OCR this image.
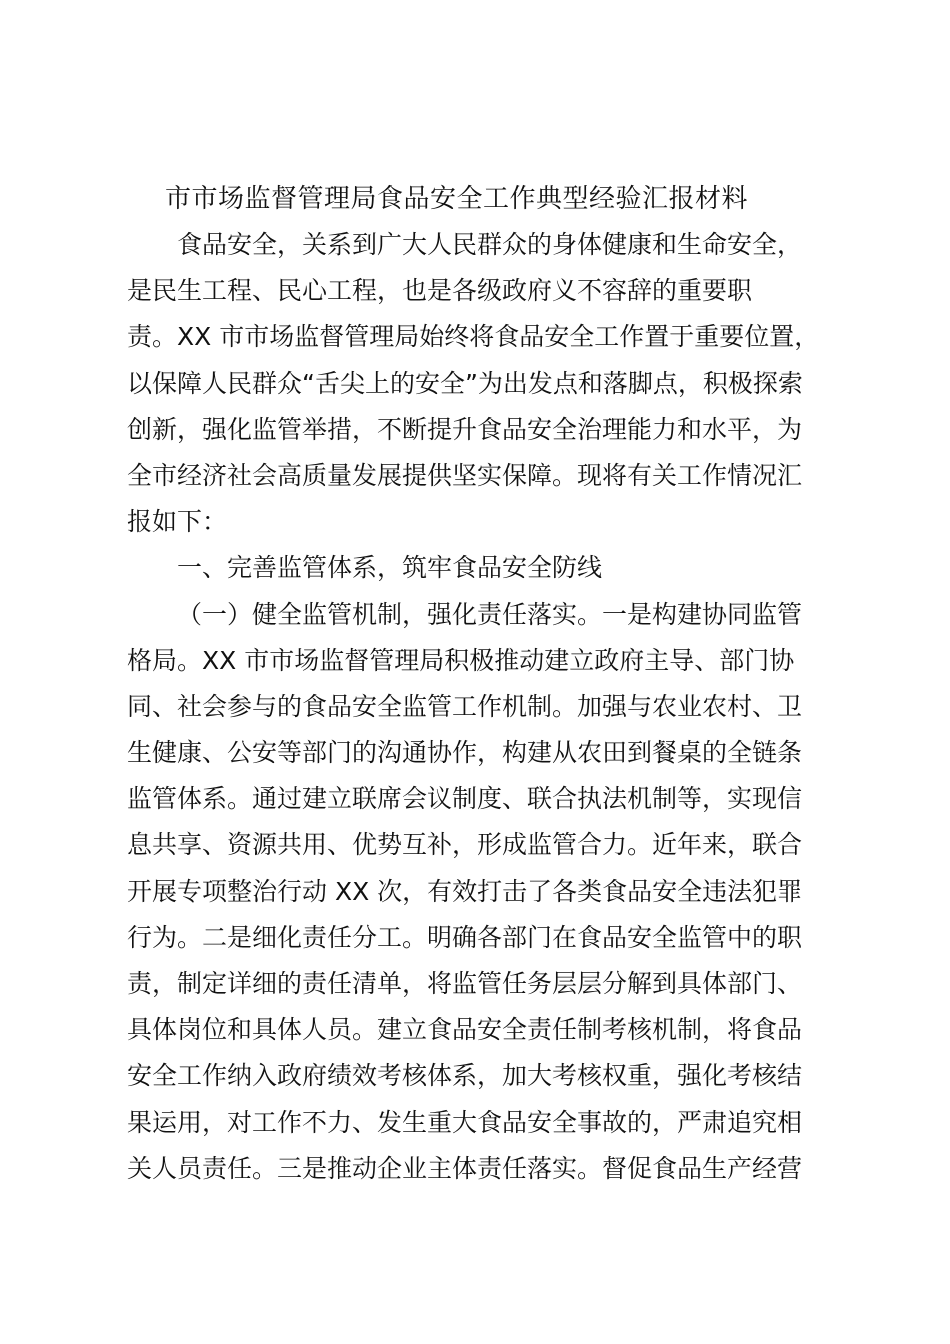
市市场监督管理局食品安全工作典型经验汇报材料
食品安全，关系到广大人民群众的身体健康和生命安全，
是民生工程、民心工程，也是各级政府义不容辞的重要职
责。XX 市市场监督管理局始终将食品安全工作置于重要位置，
以保障人民群众“舌尖上的安全”为出发点和落脚点，积极探索
创新，强化监管举措，不断提升食品安全治理能力和水平，为
全市经济社会高质量发展提供坚实保障。现将有关工作情况汇
报如下：
一、完善监管体系，筑牢食品安全防线
（一）健全监管机制，强化责任落实。一是构建协同监管
格局。XX 市市场监督管理局积极推动建立政府主导、部门协
同、社会参与的食品安全监管工作机制。加强与农业农村、卫
生健康、公安等部门的沟通协作，构建从农田到餐桌的全链条
监管体系。通过建立联席会议制度、联合执法机制等，实现信
息共享、资源共用、优势互补，形成监管合力。近年来，联合
开展专项整治行动 XX 次，有效打击了各类食品安全违法犯罪
行为。二是细化责任分工。明确各部门在食品安全监管中的职
责，制定详细的责任清单，将监管任务层层分解到具体部门、
具体岗位和具体人员。建立食品安全责任制考核机制，将食品
安全工作纳入政府绩效考核体系，加大考核权重，强化考核结
果运用，对工作不力、发生重大食品安全事故的，严肃追究相
关人员责任。三是推动企业主体责任落实。督促食品生产经营
